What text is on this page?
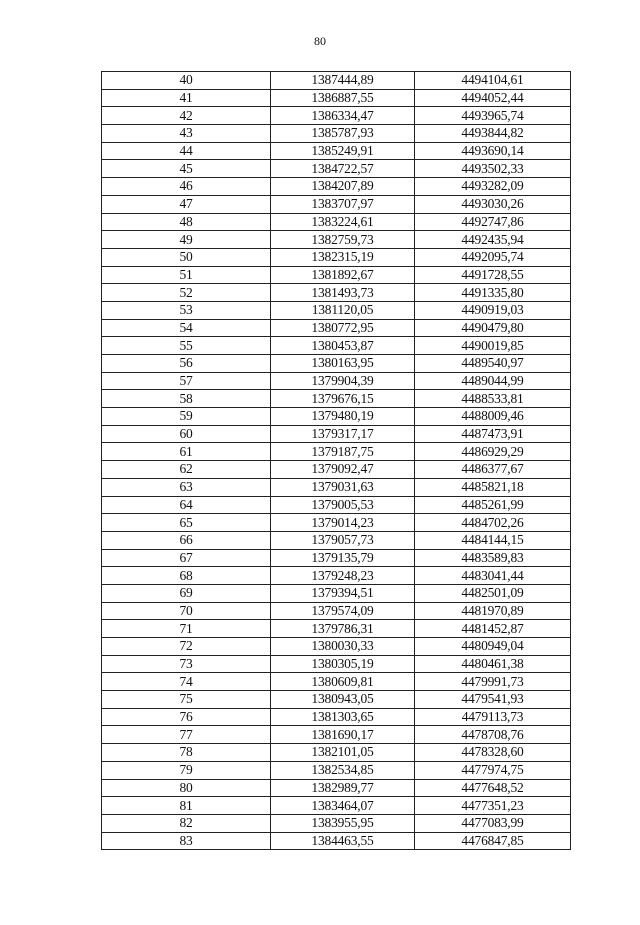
80
40	1387444,89	4494104,61
41	1386887,55	4494052,44
42	1386334,47	4493965,74
43	1385787,93	4493844,82
44	1385249,91	4493690,14
45	1384722,57	4493502,33
46	1384207,89	4493282,09
47	1383707,97	4493030,26
48	1383224,61	4492747,86
49	1382759,73	4492435,94
50	1382315,19	4492095,74
51	1381892,67	4491728,55
52	1381493,73	4491335,80
53	1381120,05	4490919,03
54	1380772,95	4490479,80
55	1380453,87	4490019,85
56	1380163,95	4489540,97
57	1379904,39	4489044,99
58	1379676,15	4488533,81
59	1379480,19	4488009,46
60	1379317,17	4487473,91
61	1379187,75	4486929,29
62	1379092,47	4486377,67
63	1379031,63	4485821,18
64	1379005,53	4485261,99
65	1379014,23	4484702,26
66	1379057,73	4484144,15
67	1379135,79	4483589,83
68	1379248,23	4483041,44
69	1379394,51	4482501,09
70	1379574,09	4481970,89
71	1379786,31	4481452,87
72	1380030,33	4480949,04
73	1380305,19	4480461,38
74	1380609,81	4479991,73
75	1380943,05	4479541,93
76	1381303,65	4479113,73
77	1381690,17	4478708,76
78	1382101,05	4478328,60
79	1382534,85	4477974,75
80	1382989,77	4477648,52
81	1383464,07	4477351,23
82	1383955,95	4477083,99
83	1384463,55	4476847,85
